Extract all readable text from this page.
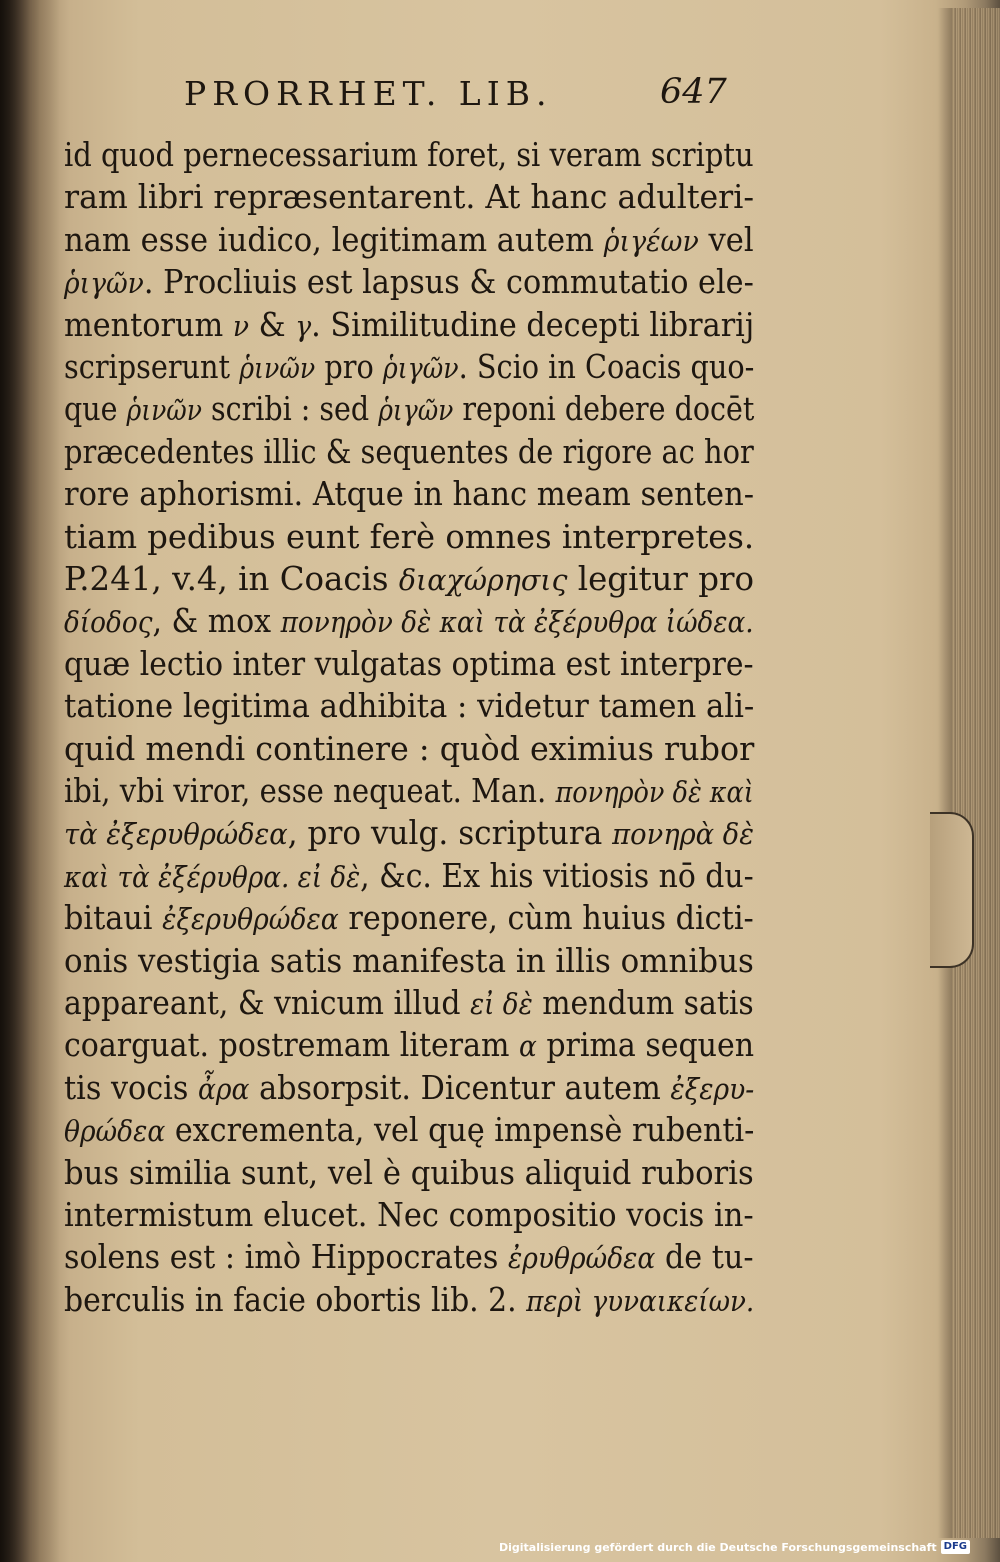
PRORRHET. LIB.	647
id quod pernecessarium foret, si veram scriptu
ram libri repræsentarent. At hanc adulteri-
nam esse iudico, legitimam autem ῥιγέων vel
ῥιγῶν. Procliuis est lapsus & commutatio ele-
mentorum ν & γ. Similitudine decepti librarij
scripserunt ῥινῶν pro ῥιγῶν. Scio in Coacis quo-
que ῥινῶν scribi : sed ῥιγῶν reponi debere docēt
præcedentes illic & sequentes de rigore ac hor
rore aphorismi. Atque in hanc meam senten-
tiam pedibus eunt ferè omnes interpretes.
P.241, v.4, in Coacis διαχώρησις legitur pro
δίοδος, & mox πονηρὸν δὲ καὶ τὰ ἐξέρυθρα ἰώδεα.
quæ lectio inter vulgatas optima est interpre-
tatione legitima adhibita : videtur tamen ali-
quid mendi continere : quòd eximius rubor
ibi, vbi viror, esse nequeat. Man. πονηρὸν δὲ καὶ
τὰ ἐξερυθρώδεα, pro vulg. scriptura πονηρὰ δὲ
καὶ τὰ ἐξέρυθρα. εἰ δὲ, &c. Ex his vitiosis nō du-
bitaui ἐξερυθρώδεα reponere, cùm huius dicti-
onis vestigia satis manifesta in illis omnibus
appareant, & vnicum illud εἰ δὲ mendum satis
coarguat. postremam literam α prima sequen
tis vocis ἆρα absorpsit. Dicentur autem ἐξερυ-
θρώδεα excrementa, vel quę impensè rubenti-
bus similia sunt, vel è quibus aliquid ruboris
intermistum elucet. Nec compositio vocis in-
solens est : imò Hippocrates ἐρυθρώδεα de tu-
berculis in facie obortis lib. 2. περὶ γυναικείων.
Digitalisierung gefördert durch die Deutsche Forschungsgemeinschaft DFG
